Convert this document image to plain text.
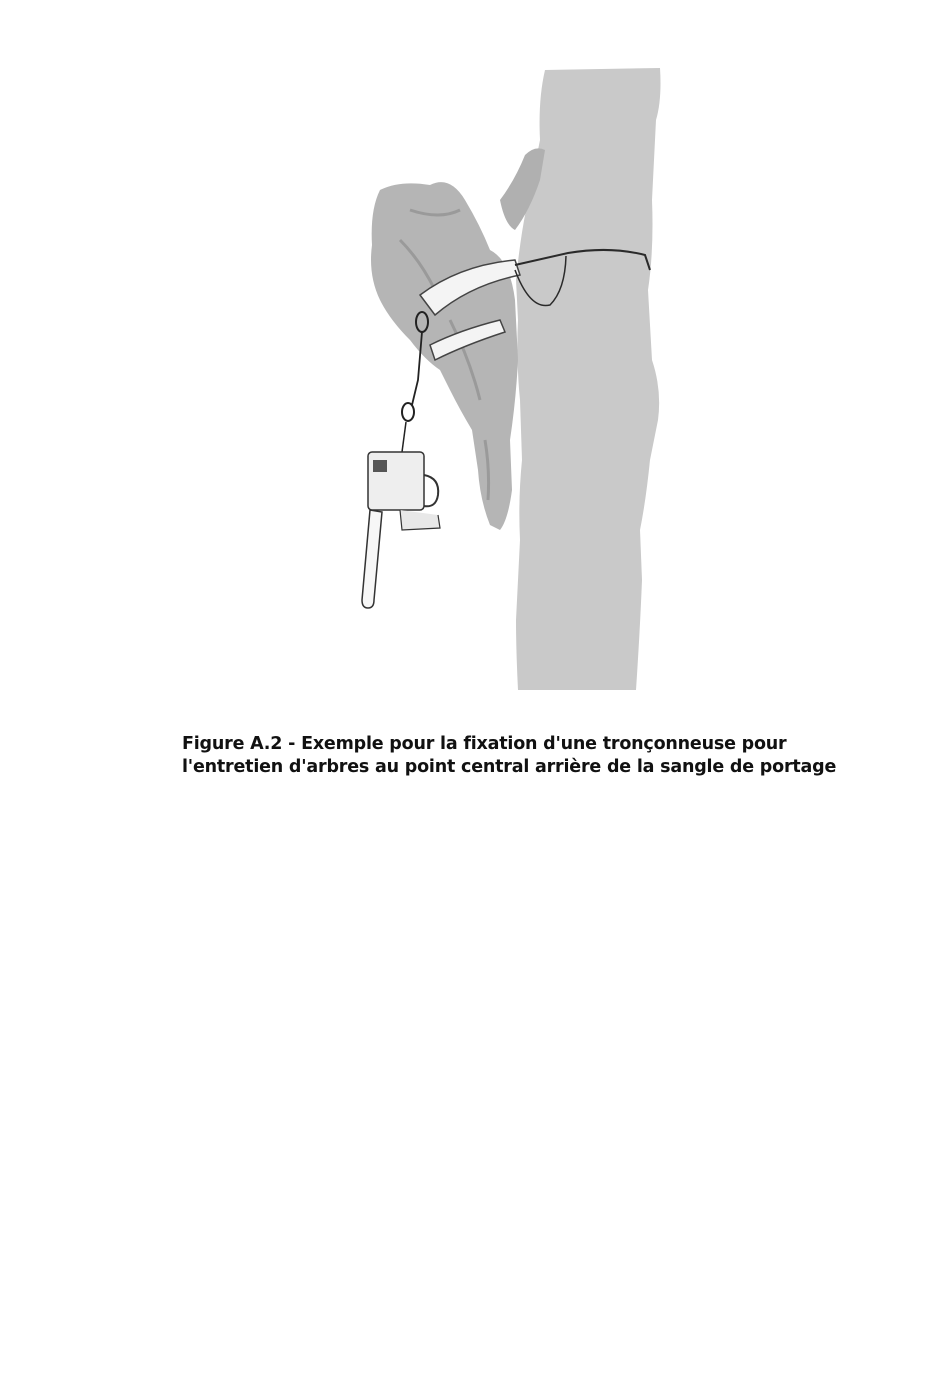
Figure A.2 - Exemple pour la fixation d'une tronçonneuse pour
l'entretien d'arbres au point central arrière de la sangle de portage
